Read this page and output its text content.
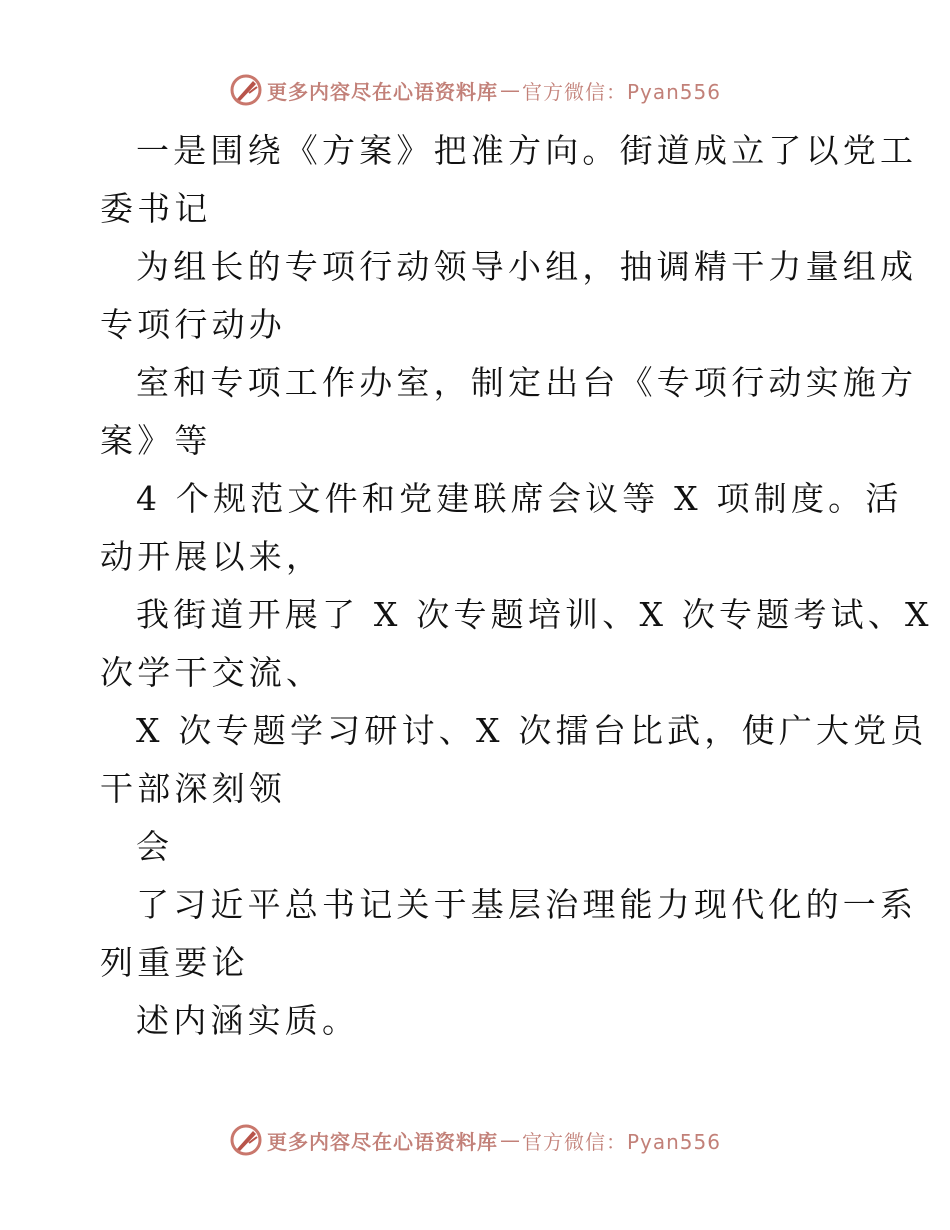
更多内容尽在心语资料库 — 官方微信：Pyan556
一是围绕《方案》把准方向。街道成立了以党工
委书记
为组长的专项行动领导小组，抽调精干力量组成
专项行动办
室和专项工作办室，制定出台《专项行动实施方
案》等
4 个规范文件和党建联席会议等 X 项制度。活
动开展以来，
我街道开展了 X 次专题培训、X 次专题考试、X
次学干交流、
X 次专题学习研讨、X 次擂台比武，使广大党员
干部深刻领
会
了习近平总书记关于基层治理能力现代化的一系
列重要论
述内涵实质。
更多内容尽在心语资料库 — 官方微信：Pyan556
